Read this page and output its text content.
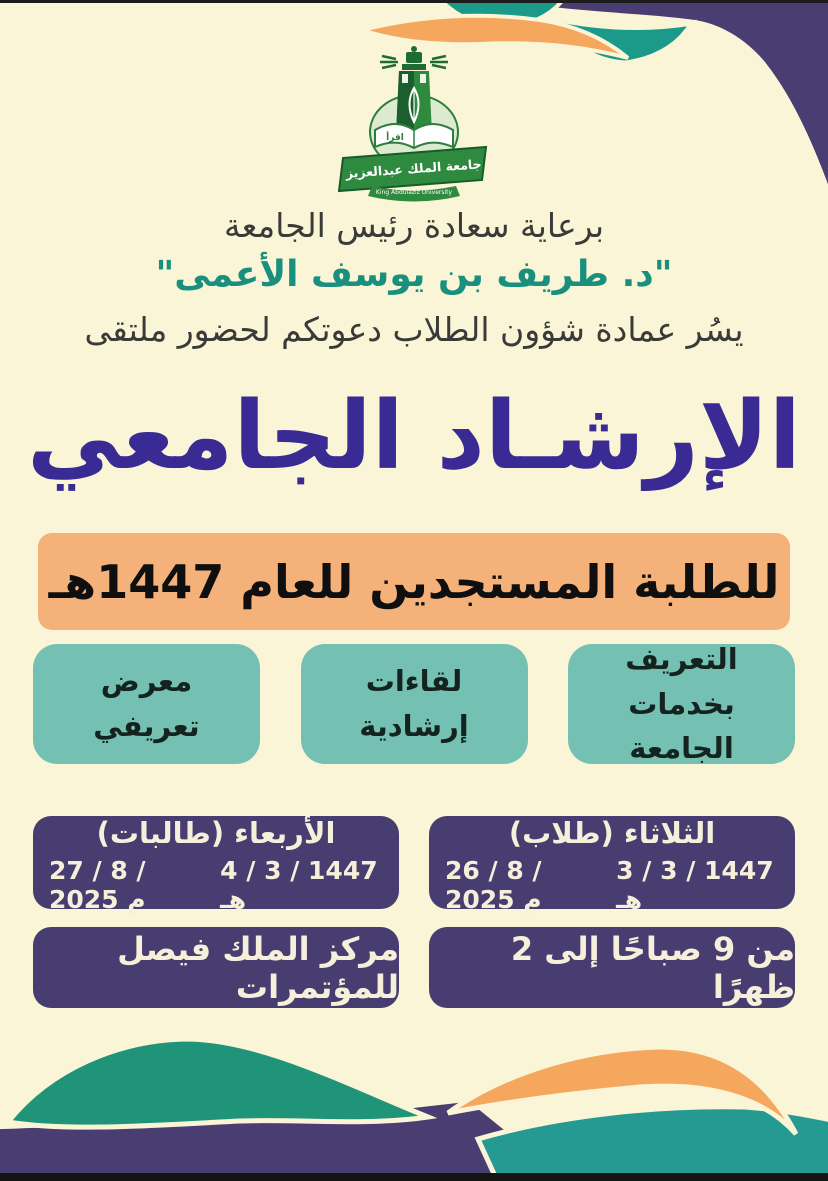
اقرأ
جامعة الملك عبدالعزيز
King Abdulaziz University
برعاية سعادة رئيس الجامعة
"د. طريف بن يوسف الأعمى"
يسُر عمادة شؤون الطلاب دعوتكم لحضور ملتقى
الإرشـاد الجامعي
للطلبة المستجدين للعام 1447هـ
التعريف بخدمات الجامعة
لقاءات إرشادية
معرض تعريفي
الثلاثاء (طلاب)
3 / 3 / 1447 هـ
26 / 8 / 2025 م
الأربعاء (طالبات)
4 / 3 / 1447 هـ
27 / 8 / 2025 م
من 9 صباحًا إلى 2 ظهرًا
مركز الملك فيصل للمؤتمرات
